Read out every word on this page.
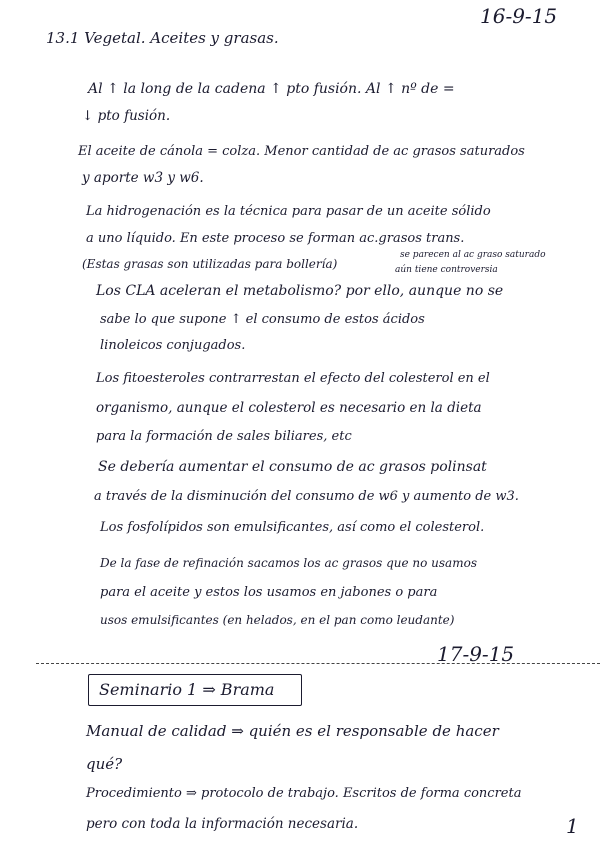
16-9-15
13.1 Vegetal. Aceites y grasas.
Al ↑ la long de la cadena ↑ pto fusión. Al ↑ nº de =
↓ pto fusión.
El aceite de cánola = colza. Menor cantidad de ac grasos saturados
y aporte w3 y w6.
La hidrogenación es la técnica para pasar de un aceite sólido
a uno líquido. En este proceso se forman ac.grasos trans.
se parecen al ac graso saturado
(Estas grasas son utilizadas para bollería)	aún tiene controversia
Los CLA aceleran el metabolismo? por ello, aunque no se
sabe lo que supone ↑ el consumo de estos ácidos
linoleicos conjugados.
Los fitoesteroles contrarrestan el efecto del colesterol en el
organismo, aunque el colesterol es necesario en la dieta
para la formación de sales biliares, etc
Se debería aumentar el consumo de ac grasos polinsat
a través de la disminución del consumo de w6 y aumento de w3.
Los fosfolípidos son emulsificantes, así como el colesterol.
De la fase de refinación sacamos los ac grasos que no usamos
para el aceite y estos los usamos en jabones o para
usos emulsificantes (en helados, en el pan como leudante)
17-9-15
Seminario 1 ⇒ Brama
Manual de calidad ⇒ quién es el responsable de hacer
qué?
Procedimiento ⇒ protocolo de trabajo. Escritos de forma concreta
pero con toda la información necesaria.	1
